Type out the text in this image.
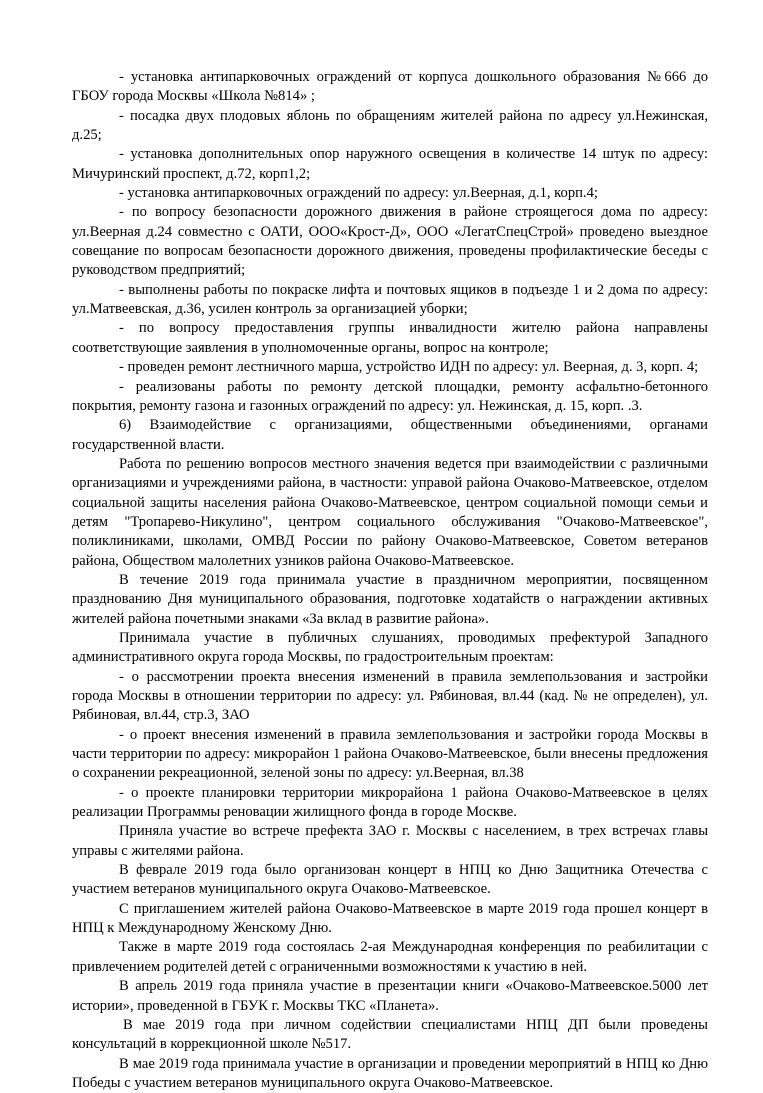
- установка антипарковочных ограждений от корпуса дошкольного образования №666 до ГБОУ города Москвы «Школа №814» ;

- посадка двух плодовых яблонь по обращениям жителей района по адресу ул.Нежинская, д.25;

- установка дополнительных опор наружного освещения в количестве 14 штук по адресу: Мичуринский проспект, д.72, корп1,2;

- установка антипарковочных ограждений по адресу: ул.Веерная, д.1, корп.4;

- по вопросу безопасности дорожного движения в районе строящегося дома по адресу: ул.Веерная д.24 совместно с ОАТИ, ООО«Крост-Д», ООО «ЛегатСпецСтрой» проведено выездное совещание по вопросам безопасности дорожного движения, проведены профилактические беседы с руководством предприятий;

- выполнены работы по покраске лифта и почтовых ящиков в подъезде 1 и 2 дома по адресу: ул.Матвеевская, д.36, усилен контроль за организацией уборки;

- по вопросу предоставления группы инвалидности жителю района направлены соответствующие заявления в уполномоченные органы, вопрос на контроле;

- проведен ремонт лестничного марша, устройство ИДН по адресу: ул. Веерная, д. 3, корп. 4;

- реализованы работы по ремонту детской площадки, ремонту асфальтно-бетонного покрытия, ремонту газона и газонных ограждений по адресу: ул. Нежинская, д. 15, корп. .3.

6) Взаимодействие с организациями, общественными объединениями, органами государственной власти.

Работа по решению вопросов местного значения ведется при взаимодействии с различными организациями и учреждениями района, в частности: управой района Очаково-Матвеевское, отделом социальной защиты населения района Очаково-Матвеевское, центром социальной помощи семьи и детям "Тропарево-Никулино", центром социального обслуживания "Очаково-Матвеевское", поликлиниками, школами, ОМВД России по району Очаково-Матвеевское, Советом ветеранов района, Обществом малолетних узников района Очаково-Матвеевское.

В течение 2019 года принимала участие в праздничном мероприятии, посвященном празднованию Дня муниципального образования, подготовке ходатайств о награждении активных жителей района почетными знаками «За вклад в развитие района».

Принимала участие в публичных слушаниях, проводимых префектурой Западного административного округа города Москвы, по градостроительным проектам:

- о рассмотрении проекта внесения изменений в правила землепользования и застройки города Москвы в отношении территории по адресу: ул. Рябиновая, вл.44 (кад. № не определен), ул. Рябиновая, вл.44, стр.3, ЗАО

- о проект внесения изменений в правила землепользования и застройки города Москвы в части территории по адресу: микрорайон 1 района Очаково-Матвеевское, были внесены предложения о сохранении рекреационной, зеленой зоны по адресу: ул.Веерная, вл.38

- о проекте планировки территории микрорайона 1 района Очаково-Матвеевское в целях реализации Программы реновации жилищного фонда в городе Москве.

Приняла участие во встрече префекта ЗАО г. Москвы с населением, в трех встречах главы управы с жителями района.

В феврале 2019 года было организован концерт в НПЦ ко Дню Защитника Отечества с участием ветеранов муниципального округа Очаково-Матвеевское.

С приглашением жителей района Очаково-Матвеевское в марте 2019 года прошел концерт в НПЦ к Международному Женскому Дню.

Также в марте 2019 года состоялась 2-ая Международная конференция по реабилитации с привлечением родителей детей с ограниченными возможностями к участию в ней.

В апрель 2019 года приняла участие в презентации книги «Очаково-Матвеевское.5000 лет истории», проведенной в ГБУК г. Москвы ТКС «Планета».

В мае 2019 года при личном содействии специалистами НПЦ ДП были проведены консультаций в коррекционной школе №517.

В мае 2019 года принимала участие в организации и проведении мероприятий в НПЦ ко Дню Победы с участием ветеранов муниципального округа Очаково-Матвеевское.
